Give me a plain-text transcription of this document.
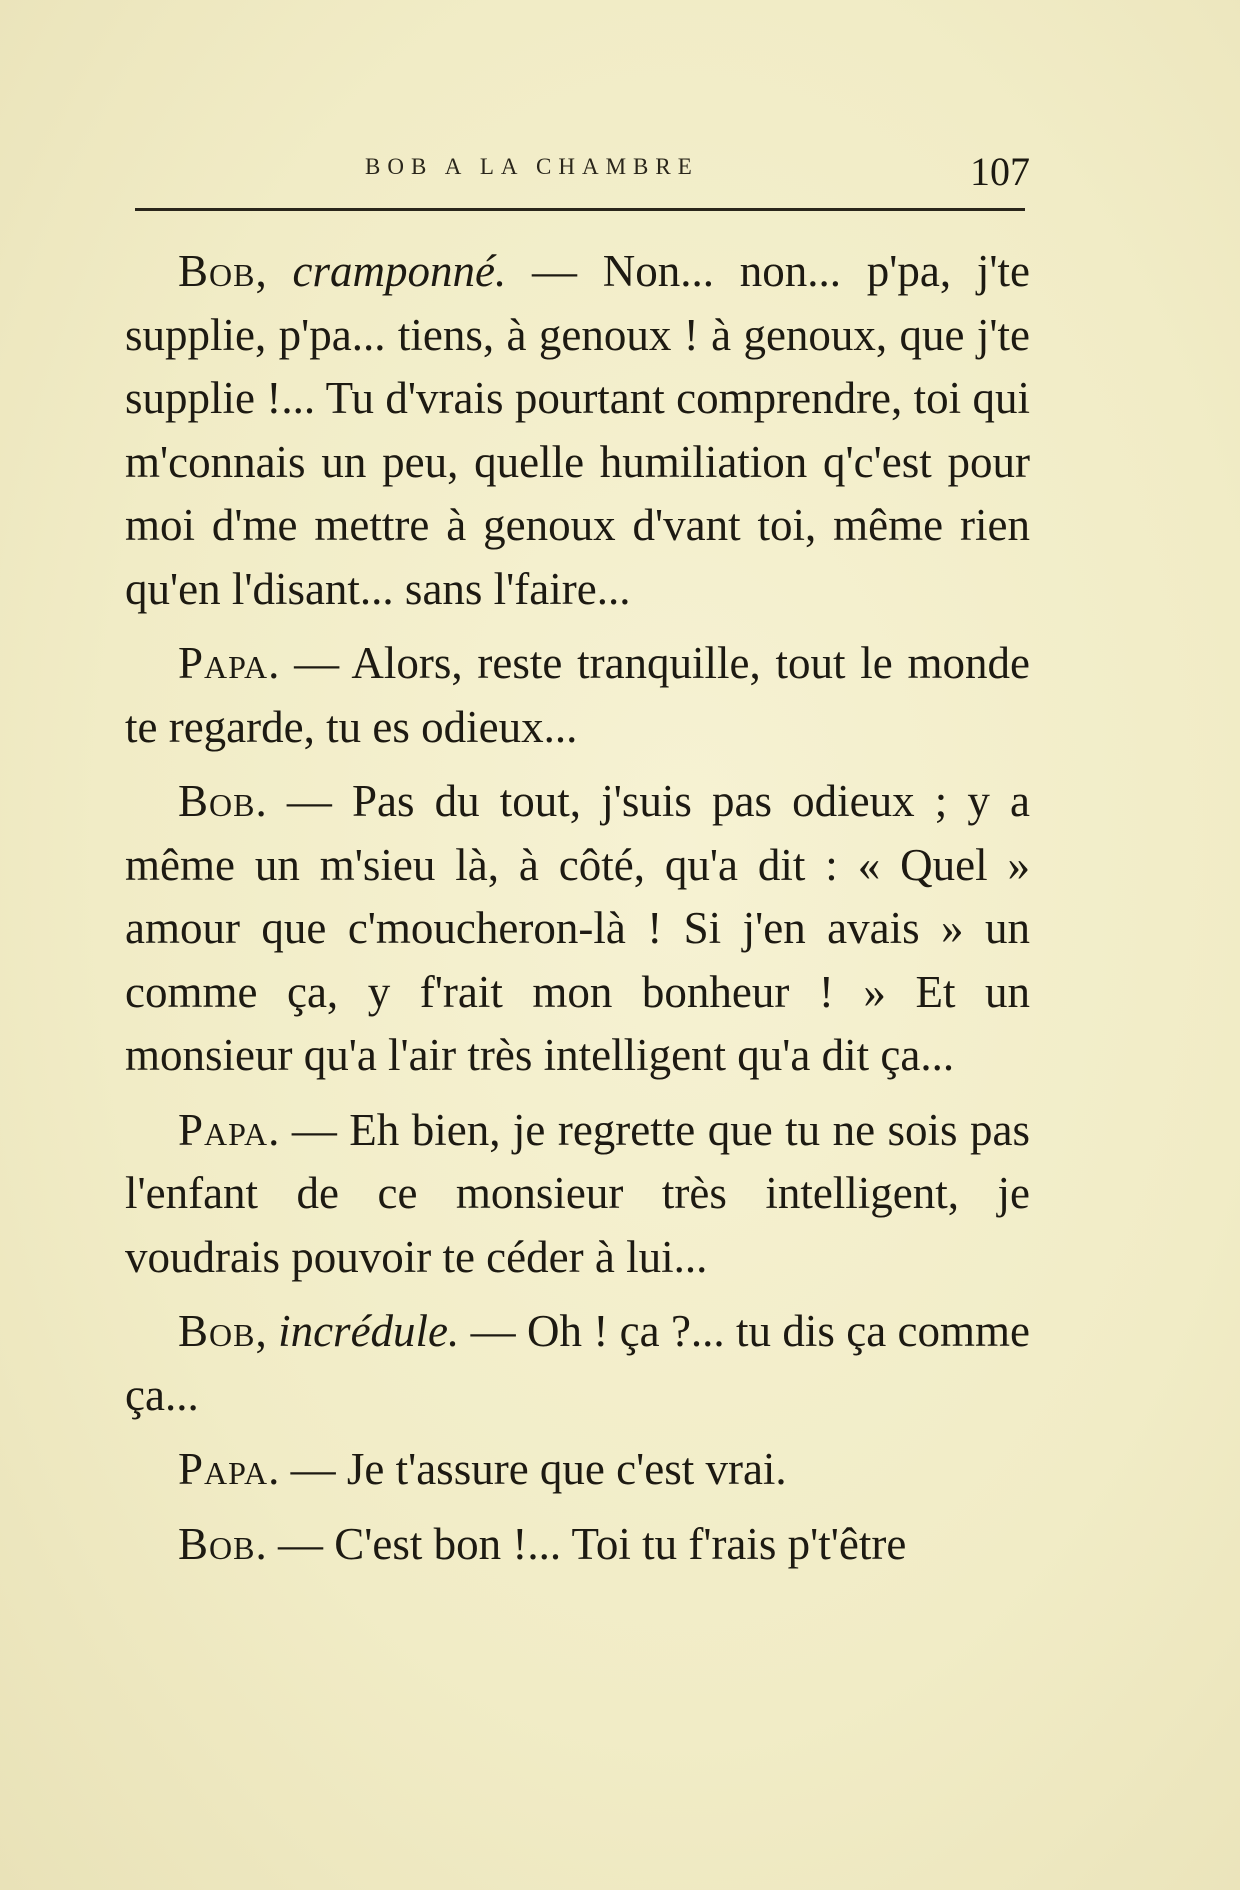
BOB A LA CHAMBRE	107

Bob, cramponné. — Non... non... p'pa, j'te supplie, p'pa... tiens, à genoux ! à genoux, que j'te supplie !... Tu d'vrais pourtant comprendre, toi qui m'connais un peu, quelle humiliation q'c'est pour moi d'me mettre à genoux d'vant toi, même rien qu'en l'disant... sans l'faire...

Papa. — Alors, reste tranquille, tout le monde te regarde, tu es odieux...

Bob. — Pas du tout, j'suis pas odieux ; y a même un m'sieu là, à côté, qu'a dit : « Quel » amour que c'moucheron-là ! Si j'en avais » un comme ça, y f'rait mon bonheur ! » Et un monsieur qu'a l'air très intelligent qu'a dit ça...

Papa. — Eh bien, je regrette que tu ne sois pas l'enfant de ce monsieur très intelligent, je voudrais pouvoir te céder à lui...

Bob, incrédule. — Oh ! ça ?... tu dis ça comme ça...

Papa. — Je t'assure que c'est vrai.

Bob. — C'est bon !... Toi tu f'rais p't'être
